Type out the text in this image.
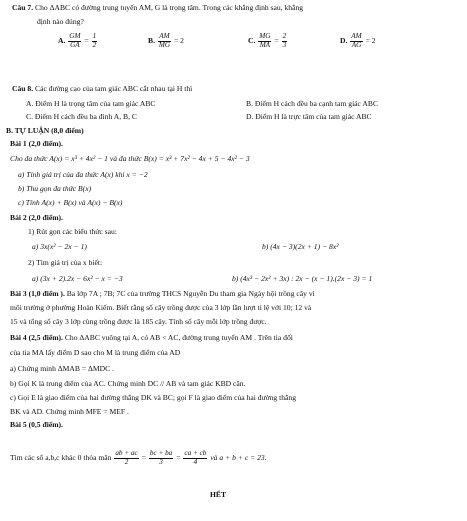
Câu 7. Cho ΔABC có đường trung tuyến AM, G là trọng tâm. Trong các khẳng định sau, khẳng
định nào đúng?
A. $\frac{GM}{GA} = \frac{1}{2}$	B. $\frac{AM}{MG} = 2$	C. $\frac{MG}{MA} = \frac{2}{3}$	D. $\frac{AM}{AG} = 2$
Câu 8. Các đường cao của tam giác ABC cắt nhau tại H thì
A. Điểm H là trọng tâm của tam giác ABC	B. Điểm H cách đều ba cạnh tam giác ABC
C. Điểm H cách đều ba đỉnh A, B, C	D. Điểm H là trực tâm của tam giác ABC
B. TỰ LUẬN (8,0 điểm)
Bài 1 (2,0 điểm).
Cho đa thức A(x) = x³ + 4x² − 1 và đa thức B(x) = x³ + 7x² − 4x + 5 − 4x² − 3
a) Tính giá trị của đa thức A(x) khi x = −2
b) Thu gọn đa thức B(x)
c) Tính A(x) + B(x) và A(x) − B(x)
Bài 2 (2,0 điểm).
1) Rút gọn các biểu thức sau:
a) 3x(x² − 2x − 1)	b) (4x − 3)(2x + 1) − 8x²
2) Tìm giá trị của x biết:
a) (3x + 2).2x − 6x² − x = −3	b) (4x³ − 2x² + 3x) : 2x − (x − 1).(2x − 3) = 1
Bài 3 (1,0 điểm ). Ba lớp 7A ; 7B; 7C của trường THCS Nguyễn Du tham gia Ngày hội trồng cây vì
môi trường ở phường Hoàn Kiếm. Biết rằng số cây trồng được của 3 lớp lần lượt tỉ lệ với 10; 12 và
15 và tổng số cây 3 lớp cùng trồng được là 185 cây. Tính số cây mỗi lớp trồng được.
Bài 4 (2,5 điểm). Cho ΔABC vuông tại A, có AB < AC, đường trung tuyến AM . Trên tia đối
của tia MA lấy điểm D sao cho M là trung điểm của AD
a) Chứng minh ΔMAB = ΔMDC .
b) Gọi K là trung điểm của AC. Chứng minh DC // AB và tam giác KBD cân.
c) Gọi E là giao điểm của hai đường thẳng DK và BC; gọi F là giao điểm của hai đường thẳng
BK và AD. Chứng minh MFE = MEF .
Bài 5 (0,5 điểm).
Tìm các số a,b,c khác 0 thỏa mãn $\frac{ab + ac}{2} = \frac{bc + ba}{3} = \frac{ca + cb}{4}$ và a + b + c = 23.
HẾT
